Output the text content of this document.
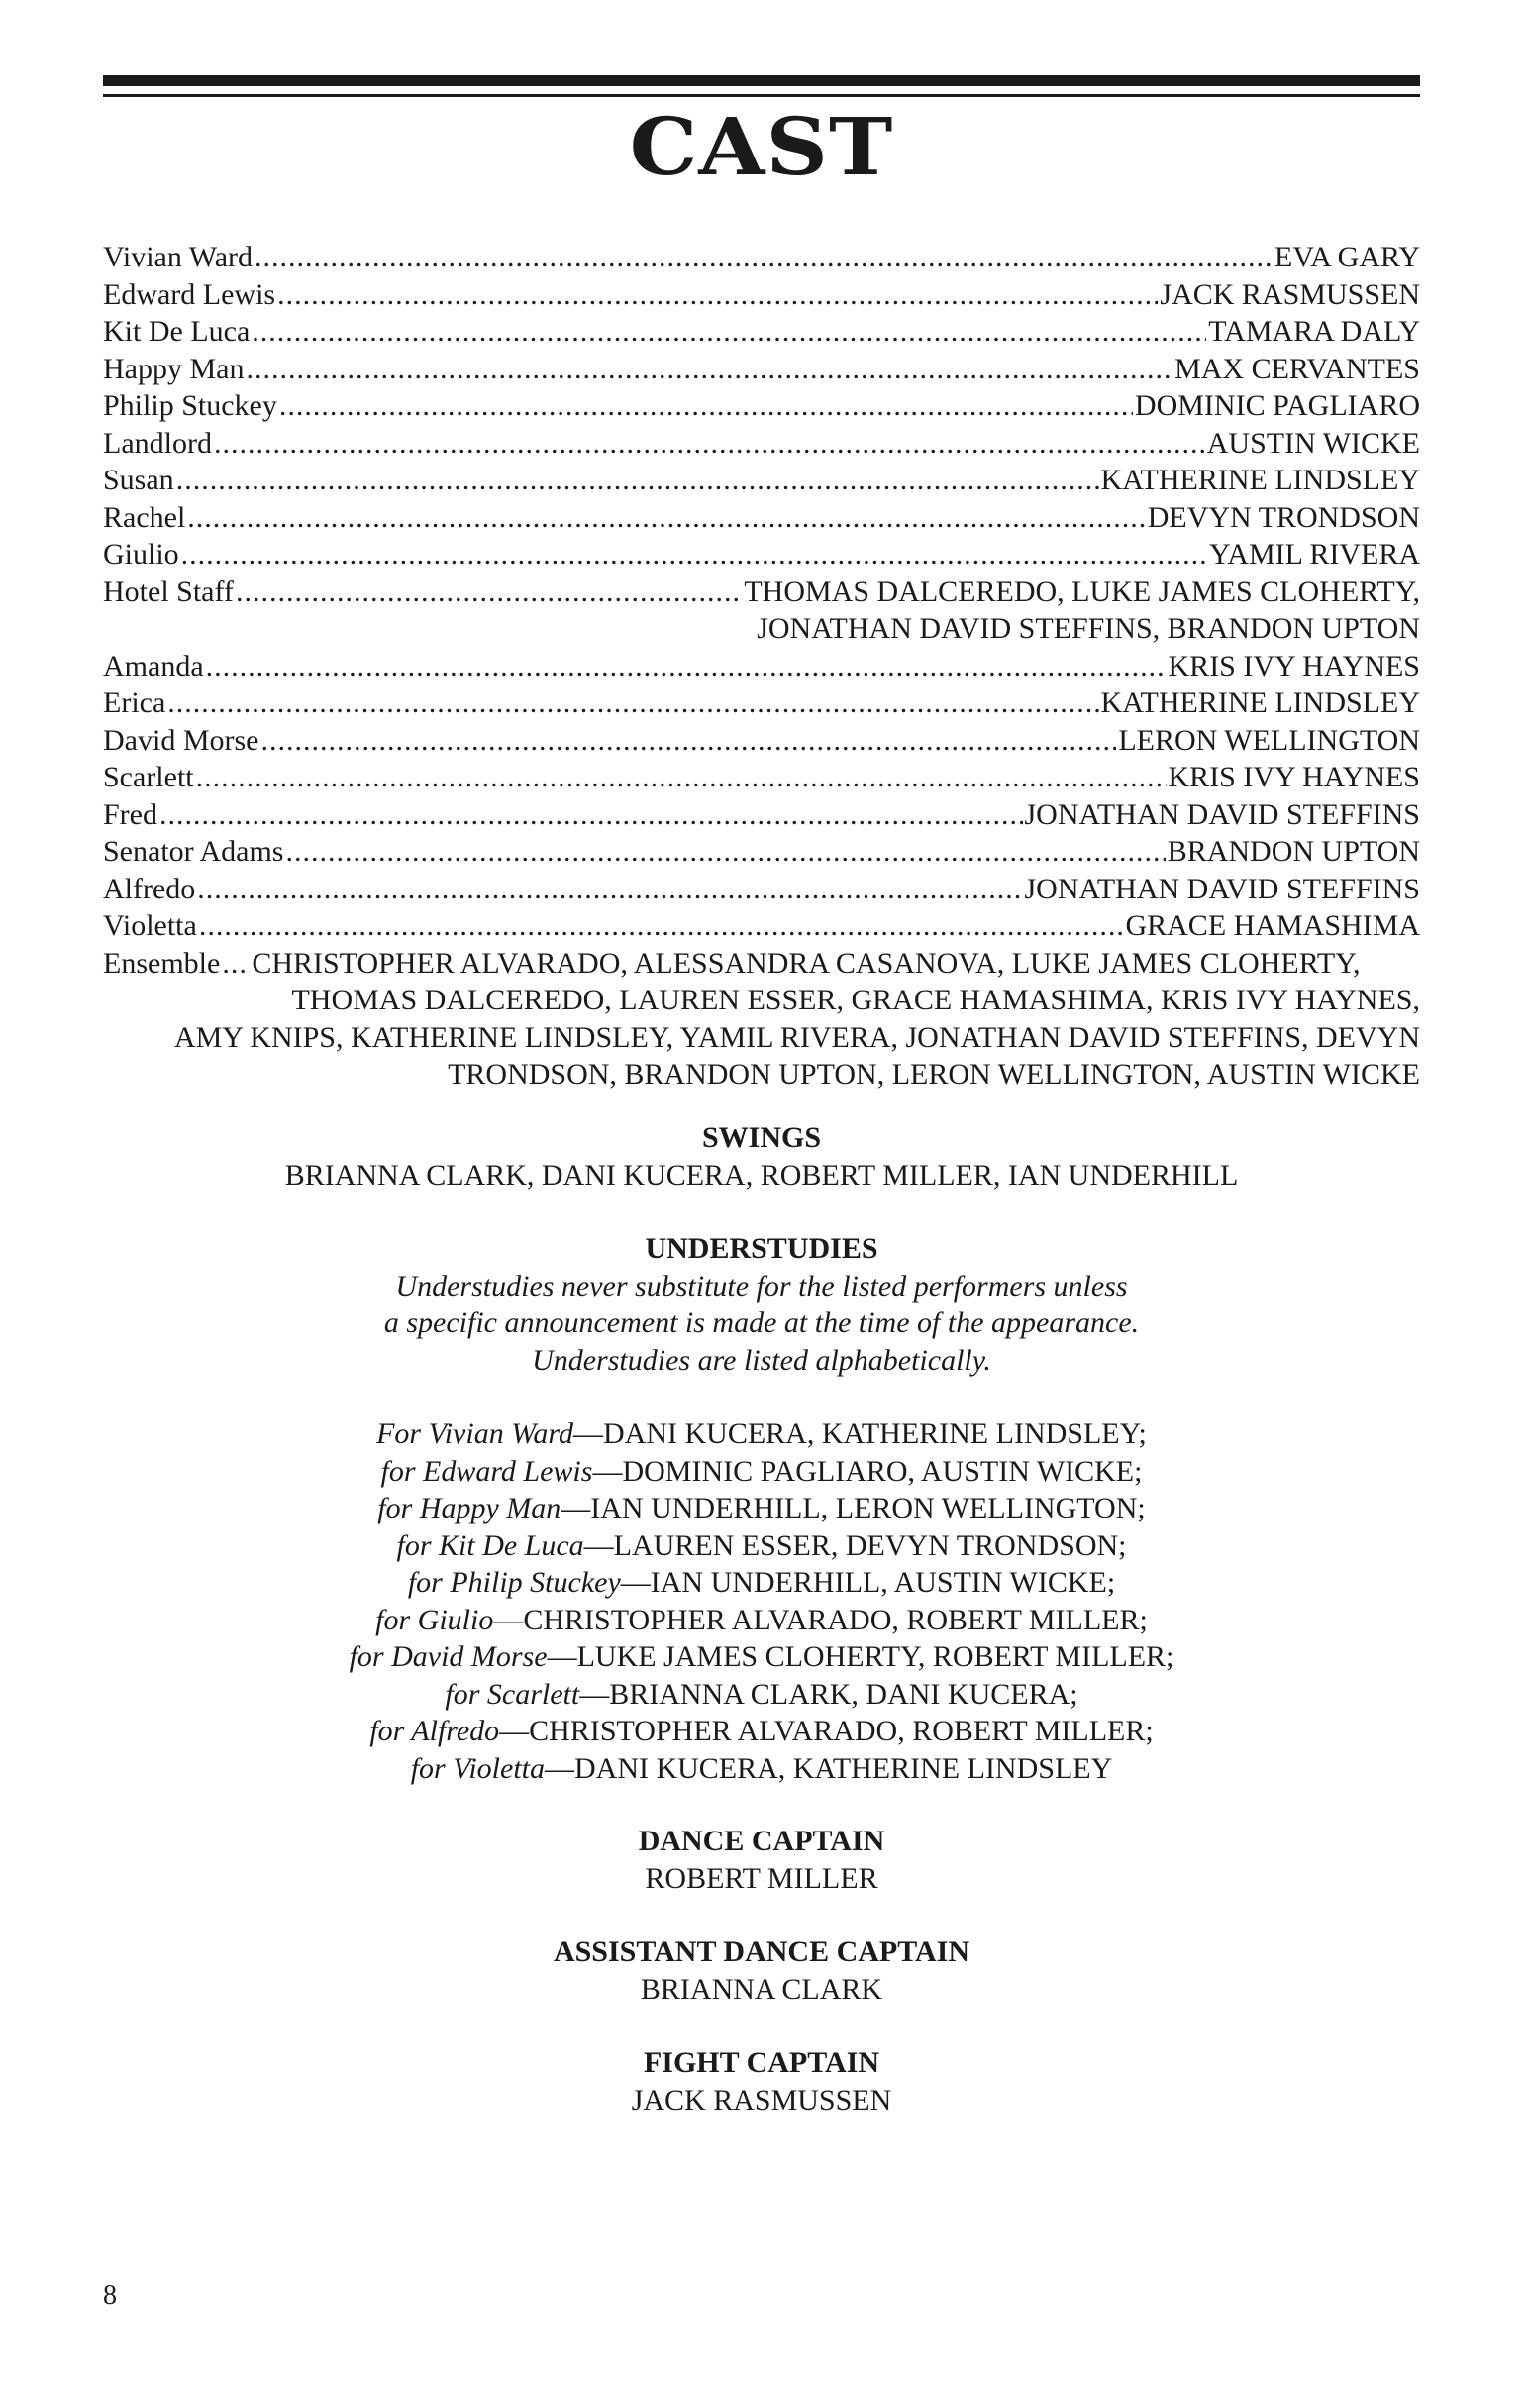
CAST
Vivian Ward .....	EVA GARY
Edward Lewis .....	JACK RASMUSSEN
Kit De Luca .....	TAMARA DALY
Happy Man .....	MAX CERVANTES
Philip Stuckey .....	DOMINIC PAGLIARO
Landlord .....	AUSTIN WICKE
Susan .....	KATHERINE LINDSLEY
Rachel .....	DEVYN TRONDSON
Giulio .....	YAMIL RIVERA
Hotel Staff .....	THOMAS DALCEREDO, LUKE JAMES CLOHERTY,
JONATHAN DAVID STEFFINS, BRANDON UPTON
Amanda .....	KRIS IVY HAYNES
Erica .....	KATHERINE LINDSLEY
David Morse .....	LERON WELLINGTON
Scarlett .....	KRIS IVY HAYNES
Fred .....	JONATHAN DAVID STEFFINS
Senator Adams .....	BRANDON UPTON
Alfredo .....	JONATHAN DAVID STEFFINS
Violetta .....	GRACE HAMASHIMA
Ensemble ..... CHRISTOPHER ALVARADO, ALESSANDRA CASANOVA, LUKE JAMES CLOHERTY,
THOMAS DALCEREDO, LAUREN ESSER, GRACE HAMASHIMA, KRIS IVY HAYNES,
AMY KNIPS, KATHERINE LINDSLEY, YAMIL RIVERA, JONATHAN DAVID STEFFINS, DEVYN
TRONDSON, BRANDON UPTON, LERON WELLINGTON, AUSTIN WICKE
SWINGS
BRIANNA CLARK, DANI KUCERA, ROBERT MILLER, IAN UNDERHILL
UNDERSTUDIES
Understudies never substitute for the listed performers unless
a specific announcement is made at the time of the appearance.
Understudies are listed alphabetically.
For Vivian Ward—DANI KUCERA, KATHERINE LINDSLEY;
for Edward Lewis—DOMINIC PAGLIARO, AUSTIN WICKE;
for Happy Man—IAN UNDERHILL, LERON WELLINGTON;
for Kit De Luca—LAUREN ESSER, DEVYN TRONDSON;
for Philip Stuckey—IAN UNDERHILL, AUSTIN WICKE;
for Giulio—CHRISTOPHER ALVARADO, ROBERT MILLER;
for David Morse—LUKE JAMES CLOHERTY, ROBERT MILLER;
for Scarlett—BRIANNA CLARK, DANI KUCERA;
for Alfredo—CHRISTOPHER ALVARADO, ROBERT MILLER;
for Violetta—DANI KUCERA, KATHERINE LINDSLEY
DANCE CAPTAIN
ROBERT MILLER
ASSISTANT DANCE CAPTAIN
BRIANNA CLARK
FIGHT CAPTAIN
JACK RASMUSSEN
8
